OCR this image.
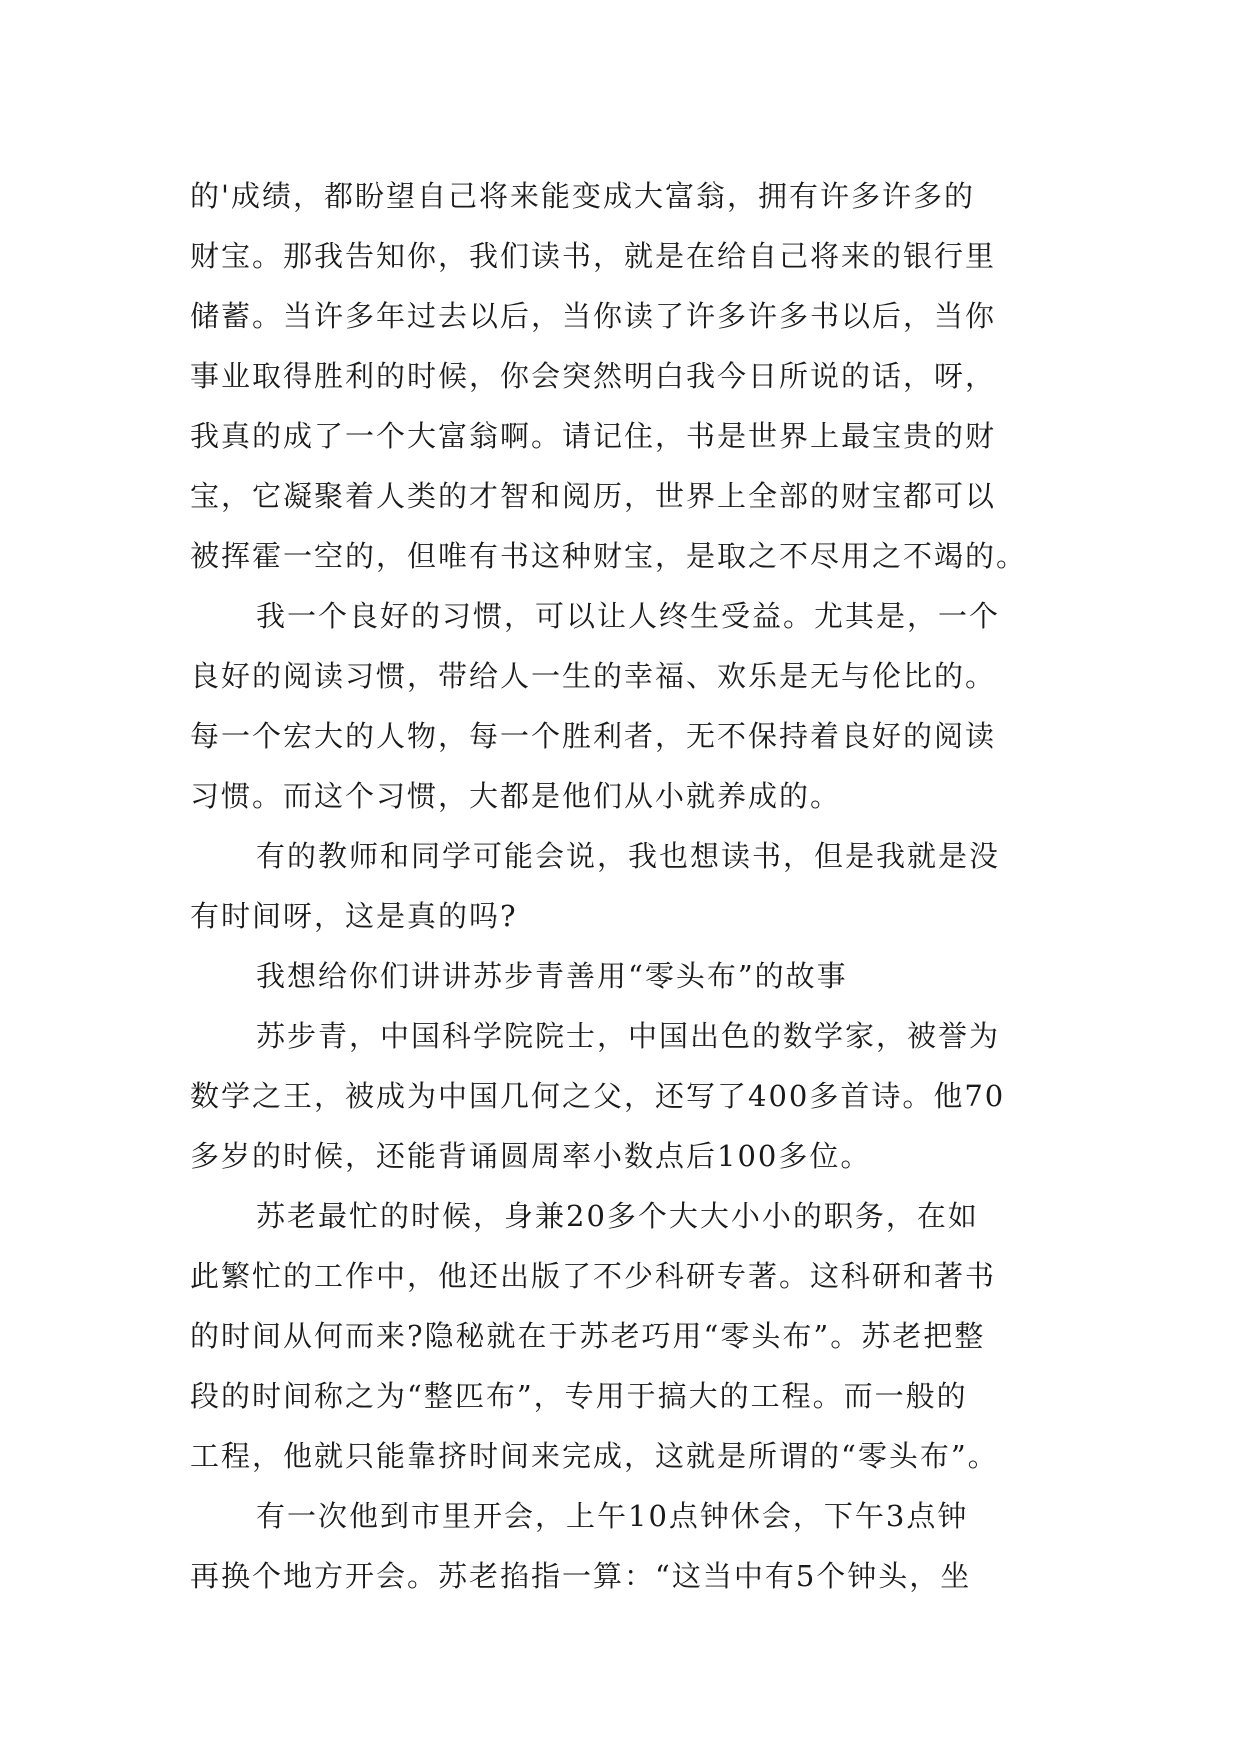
的'成绩，都盼望自己将来能变成大富翁，拥有许多许多的
财宝。那我告知你，我们读书，就是在给自己将来的银行里
储蓄。当许多年过去以后，当你读了许多许多书以后，当你
事业取得胜利的时候，你会突然明白我今日所说的话，呀，
我真的成了一个大富翁啊。请记住，书是世界上最宝贵的财
宝，它凝聚着人类的才智和阅历，世界上全部的财宝都可以
被挥霍一空的，但唯有书这种财宝，是取之不尽用之不竭的。
我一个良好的习惯，可以让人终生受益。尤其是，一个
良好的阅读习惯，带给人一生的幸福、欢乐是无与伦比的。
每一个宏大的人物，每一个胜利者，无不保持着良好的阅读
习惯。而这个习惯，大都是他们从小就养成的。
有的教师和同学可能会说，我也想读书，但是我就是没
有时间呀，这是真的吗?
我想给你们讲讲苏步青善用“零头布”的故事
苏步青，中国科学院院士，中国出色的数学家，被誉为
数学之王，被成为中国几何之父，还写了400多首诗。他70
多岁的时候，还能背诵圆周率小数点后100多位。
苏老最忙的时候，身兼20多个大大小小的职务，在如
此繁忙的工作中，他还出版了不少科研专著。这科研和著书
的时间从何而来?隐秘就在于苏老巧用“零头布”。苏老把整
段的时间称之为“整匹布”，专用于搞大的工程。而一般的
工程，他就只能靠挤时间来完成，这就是所谓的“零头布”。
有一次他到市里开会，上午10点钟休会，下午3点钟
再换个地方开会。苏老掐指一算：“这当中有5个钟头，坐
